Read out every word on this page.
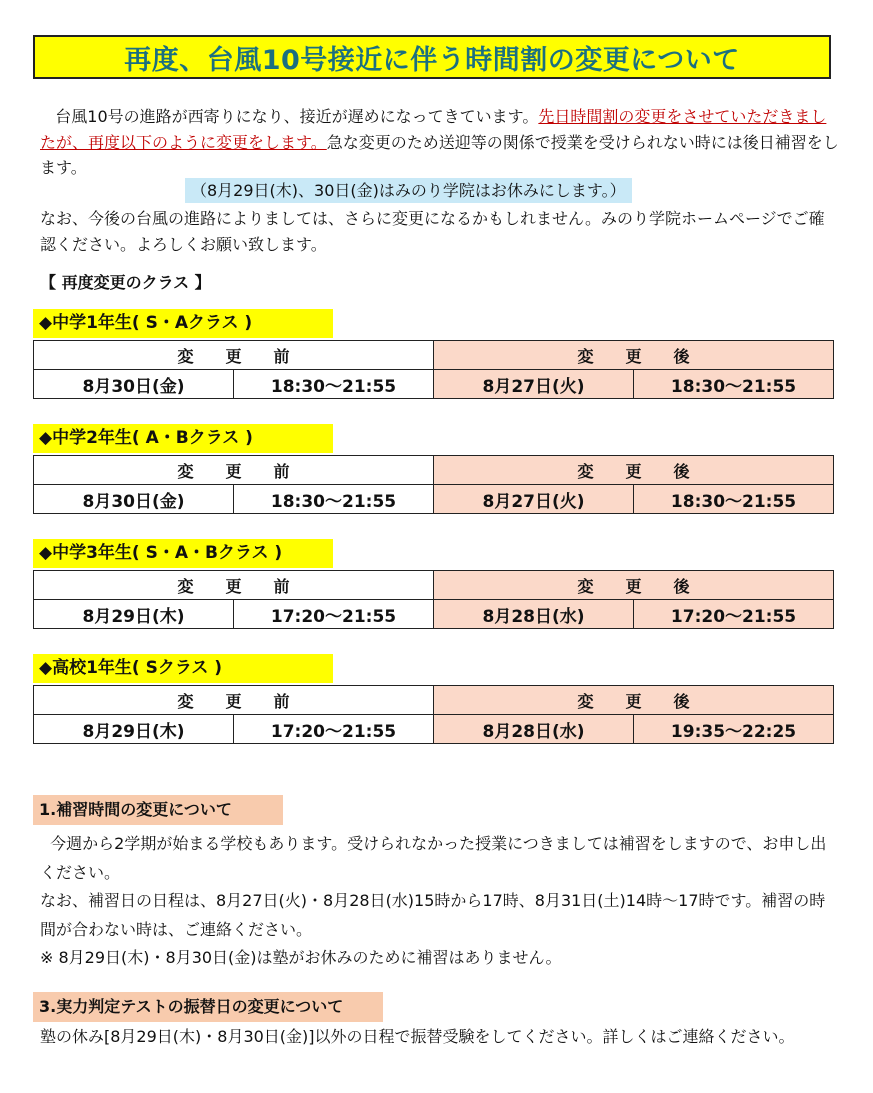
再度、台風10号接近に伴う時間割の変更について
台風10号の進路が西寄りになり、接近が遅めになってきています。先日時間割の変更をさせていただきましたが、再度以下のように変更をします。急な変更のため送迎等の関係で授業を受けられない時には後日補習をします。
（8月29日(木)、30日(金)はみのり学院はお休みにします。）
なお、今後の台風の進路によりましては、さらに変更になるかもしれません。みのり学院ホームページでご確認ください。よろしくお願い致します。
【 再度変更のクラス 】
◆中学1年生( S・Aクラス )
変　　更　　前		変　　更　　後	
8月30日(金)	18:30～21:55	8月27日(火)	18:30～21:55
◆中学2年生( A・Bクラス )
変　　更　　前		変　　更　　後	
8月30日(金)	18:30～21:55	8月27日(火)	18:30～21:55
◆中学3年生( S・A・Bクラス )
変　　更　　前		変　　更　　後	
8月29日(木)	17:20～21:55	8月28日(水)	17:20～21:55
◆高校1年生( Sクラス )
変　　更　　前		変　　更　　後	
8月29日(木)	17:20～21:55	8月28日(水)	19:35～22:25
1.補習時間の変更について
今週から2学期が始まる学校もあります。受けられなかった授業につきましては補習をしますので、お申し出ください。
なお、補習日の日程は、8月27日(火)・8月28日(水)15時から17時、8月31日(土)14時～17時です。補習の時間が合わない時は、ご連絡ください。
※ 8月29日(木)・8月30日(金)は塾がお休みのために補習はありません。
3.実力判定テストの振替日の変更について
塾の休み[8月29日(木)・8月30日(金)]以外の日程で振替受験をしてください。詳しくはご連絡ください。
